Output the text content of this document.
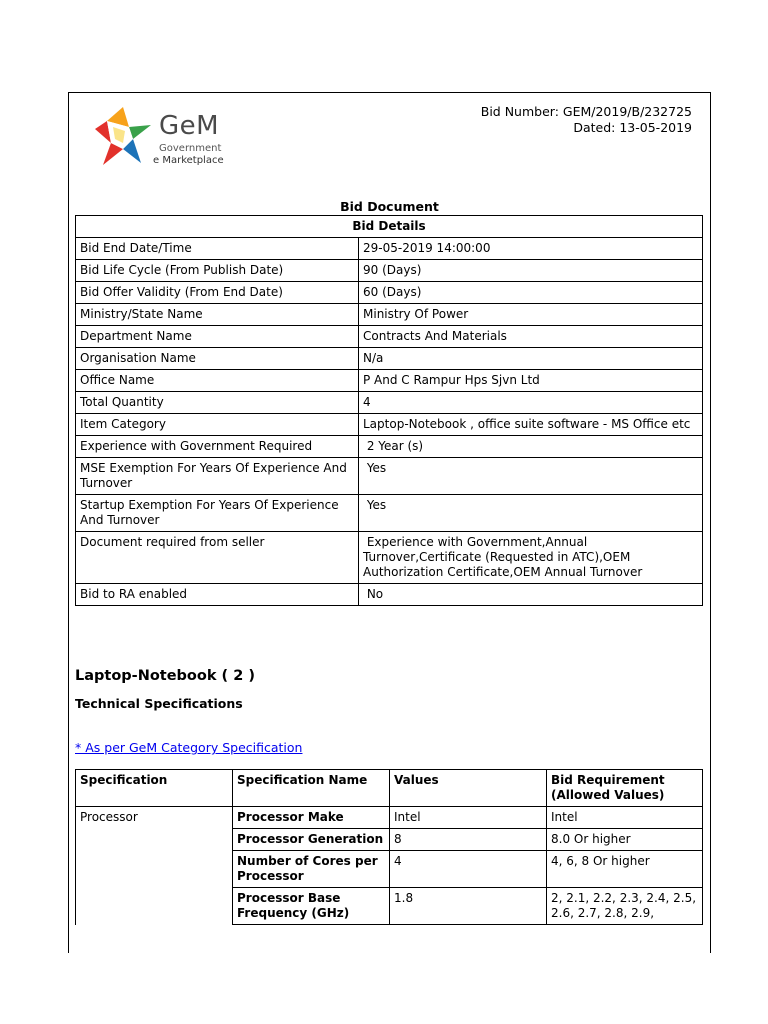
GeM
Government
e Marketplace
Bid Number: GEM/2019/B/232725
Dated: 13-05-2019
Bid Document
Bid Details	
Bid End Date/Time	29-05-2019 14:00:00
Bid Life Cycle (From Publish Date)	90 (Days)
Bid Offer Validity (From End Date)	60 (Days)
Ministry/State Name	Ministry Of Power
Department Name	Contracts And Materials
Organisation Name	N/a
Office Name	P And C Rampur Hps Sjvn Ltd
Total Quantity	4
Item Category	Laptop-Notebook , office suite software - MS Office etc
Experience with Government Required	2 Year (s)
MSE Exemption For Years Of Experience And Turnover	Yes
Startup Exemption For Years Of Experience And Turnover	Yes
Document required from seller	Experience with Government,Annual Turnover,Certificate (Requested in ATC),OEM Authorization Certificate,OEM Annual Turnover
Bid to RA enabled	No
Laptop-Notebook ( 2 )
Technical Specifications
* As per GeM Category Specification
Specification	Specification Name	Values	Bid Requirement (Allowed Values)
Processor	Processor Make	Intel	Intel
	Processor Generation	8	8.0 Or higher
	Number of Cores per Processor	4	4, 6, 8 Or higher
	Processor Base Frequency (GHz)	1.8	2, 2.1, 2.2, 2.3, 2.4, 2.5, 2.6, 2.7, 2.8, 2.9,
